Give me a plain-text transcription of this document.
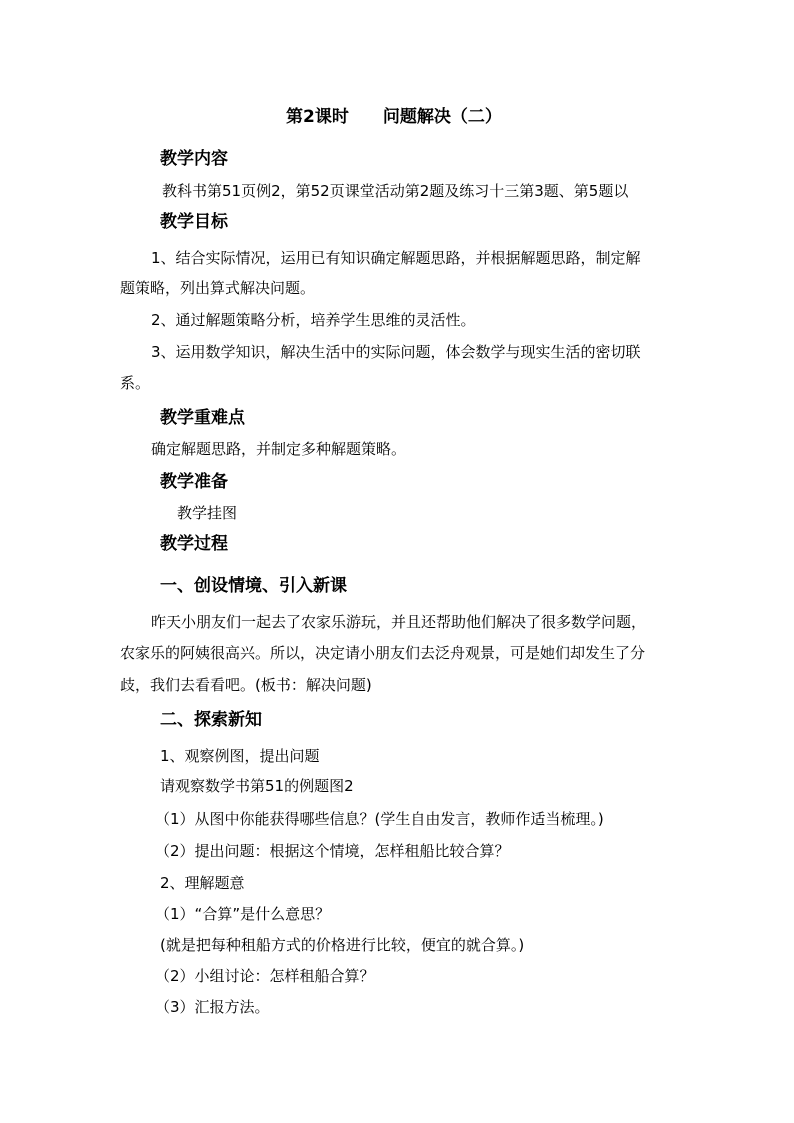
第2课时 问题解决（二）
教学内容
教科书第51页例2，第52页课堂活动第2题及练习十三第3题、第5题以
教学目标
1、结合实际情况，运用已有知识确定解题思路，并根据解题思路，制定解
题策略，列出算式解决问题。
2、通过解题策略分析，培养学生思维的灵活性。
3、运用数学知识，解决生活中的实际问题，体会数学与现实生活的密切联
系。
教学重难点
确定解题思路，并制定多种解题策略。
教学准备
教学挂图
教学过程
一、创设情境、引入新课
昨天小朋友们一起去了农家乐游玩，并且还帮助他们解决了很多数学问题，
农家乐的阿姨很高兴。所以，决定请小朋友们去泛舟观景，可是她们却发生了分
歧，我们去看看吧。(板书：解决问题)
二、探索新知
1、观察例图，提出问题
请观察数学书第51的例题图2
（1）从图中你能获得哪些信息？(学生自由发言，教师作适当梳理。)
（2）提出问题：根据这个情境，怎样租船比较合算？
2、理解题意
（1）“合算”是什么意思？
(就是把每种租船方式的价格进行比较，便宜的就合算。)
（2）小组讨论：怎样租船合算？
（3）汇报方法。
